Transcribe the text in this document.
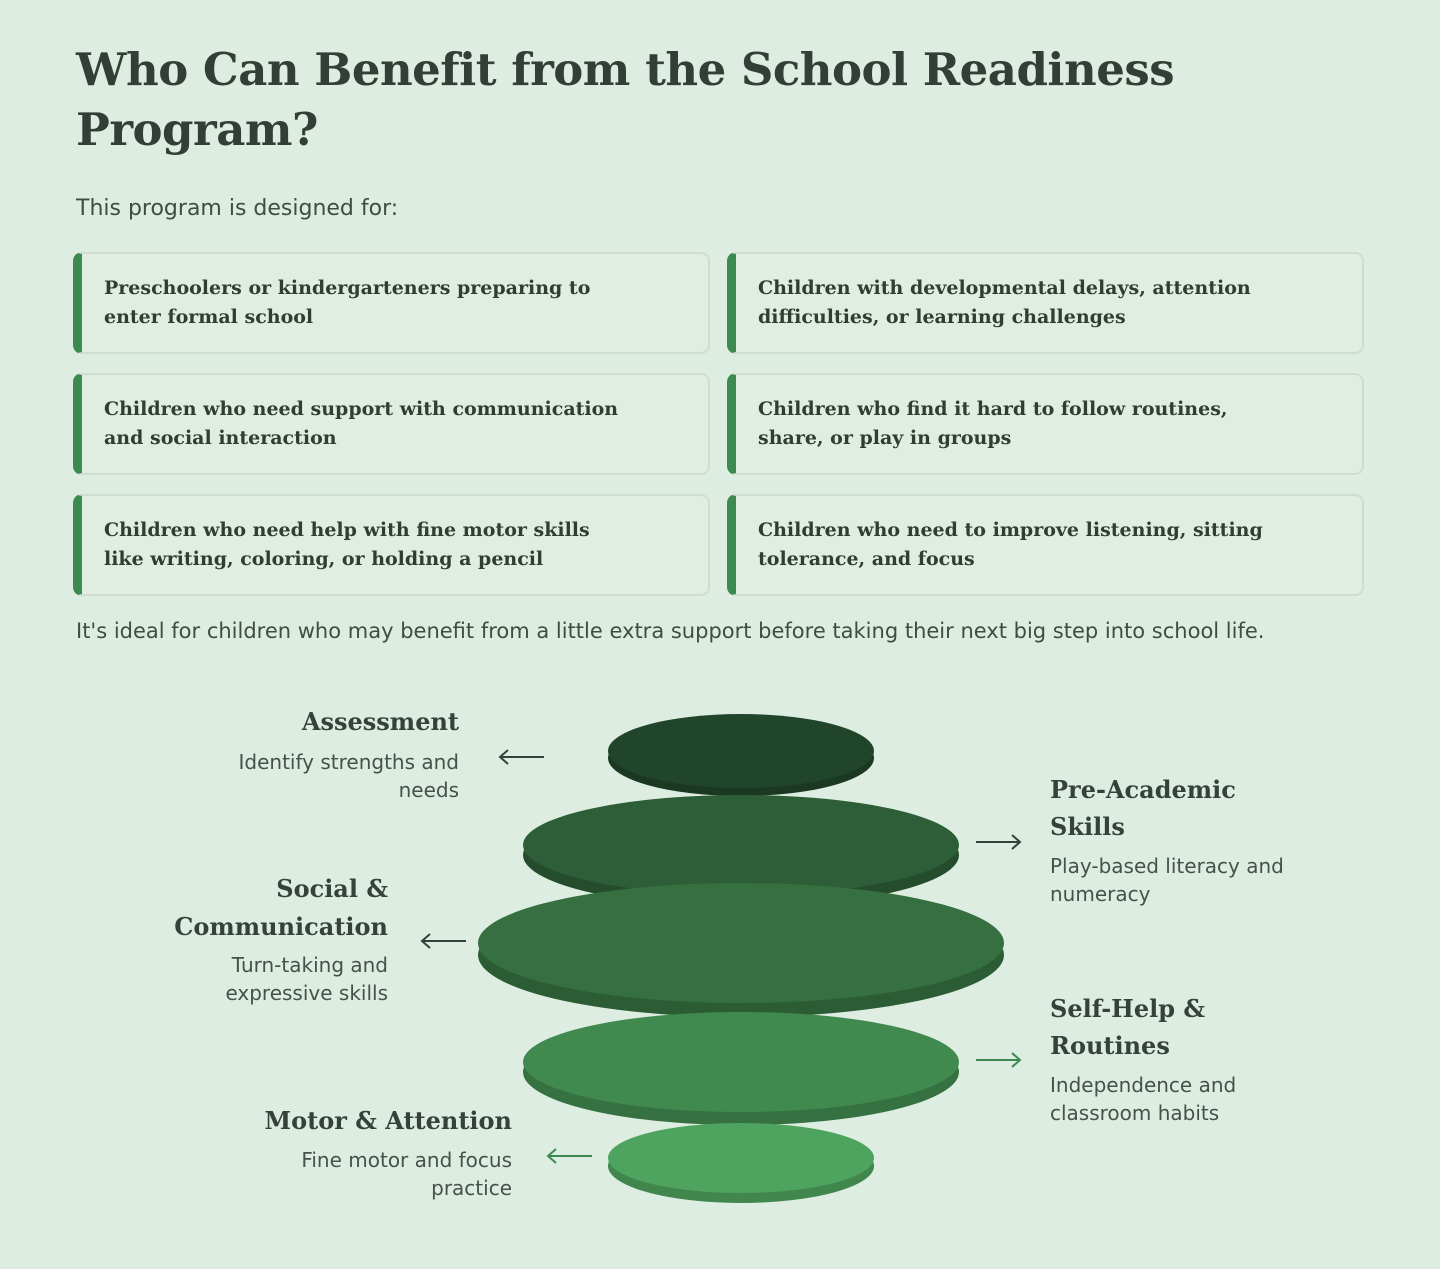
Who Can Benefit from the School Readiness
Program?

This program is designed for:

Preschoolers or kindergarteners preparing to
enter formal school
Children with developmental delays, attention
difficulties, or learning challenges
Children who need support with communication
and social interaction
Children who find it hard to follow routines,
share, or play in groups
Children who need help with fine motor skills
like writing, coloring, or holding a pencil
Children who need to improve listening, sitting
tolerance, and focus

It's ideal for children who may benefit from a little extra support before taking their next big step into school life.

Assessment
Identify strengths and
needs	Pre-Academic
Skills
Play-based literacy and
numeracy
Social &
Communication
Turn-taking and
expressive skills
Self-Help &
Routines
Independence and
classroom habits
Motor & Attention
Fine motor and focus
practice
